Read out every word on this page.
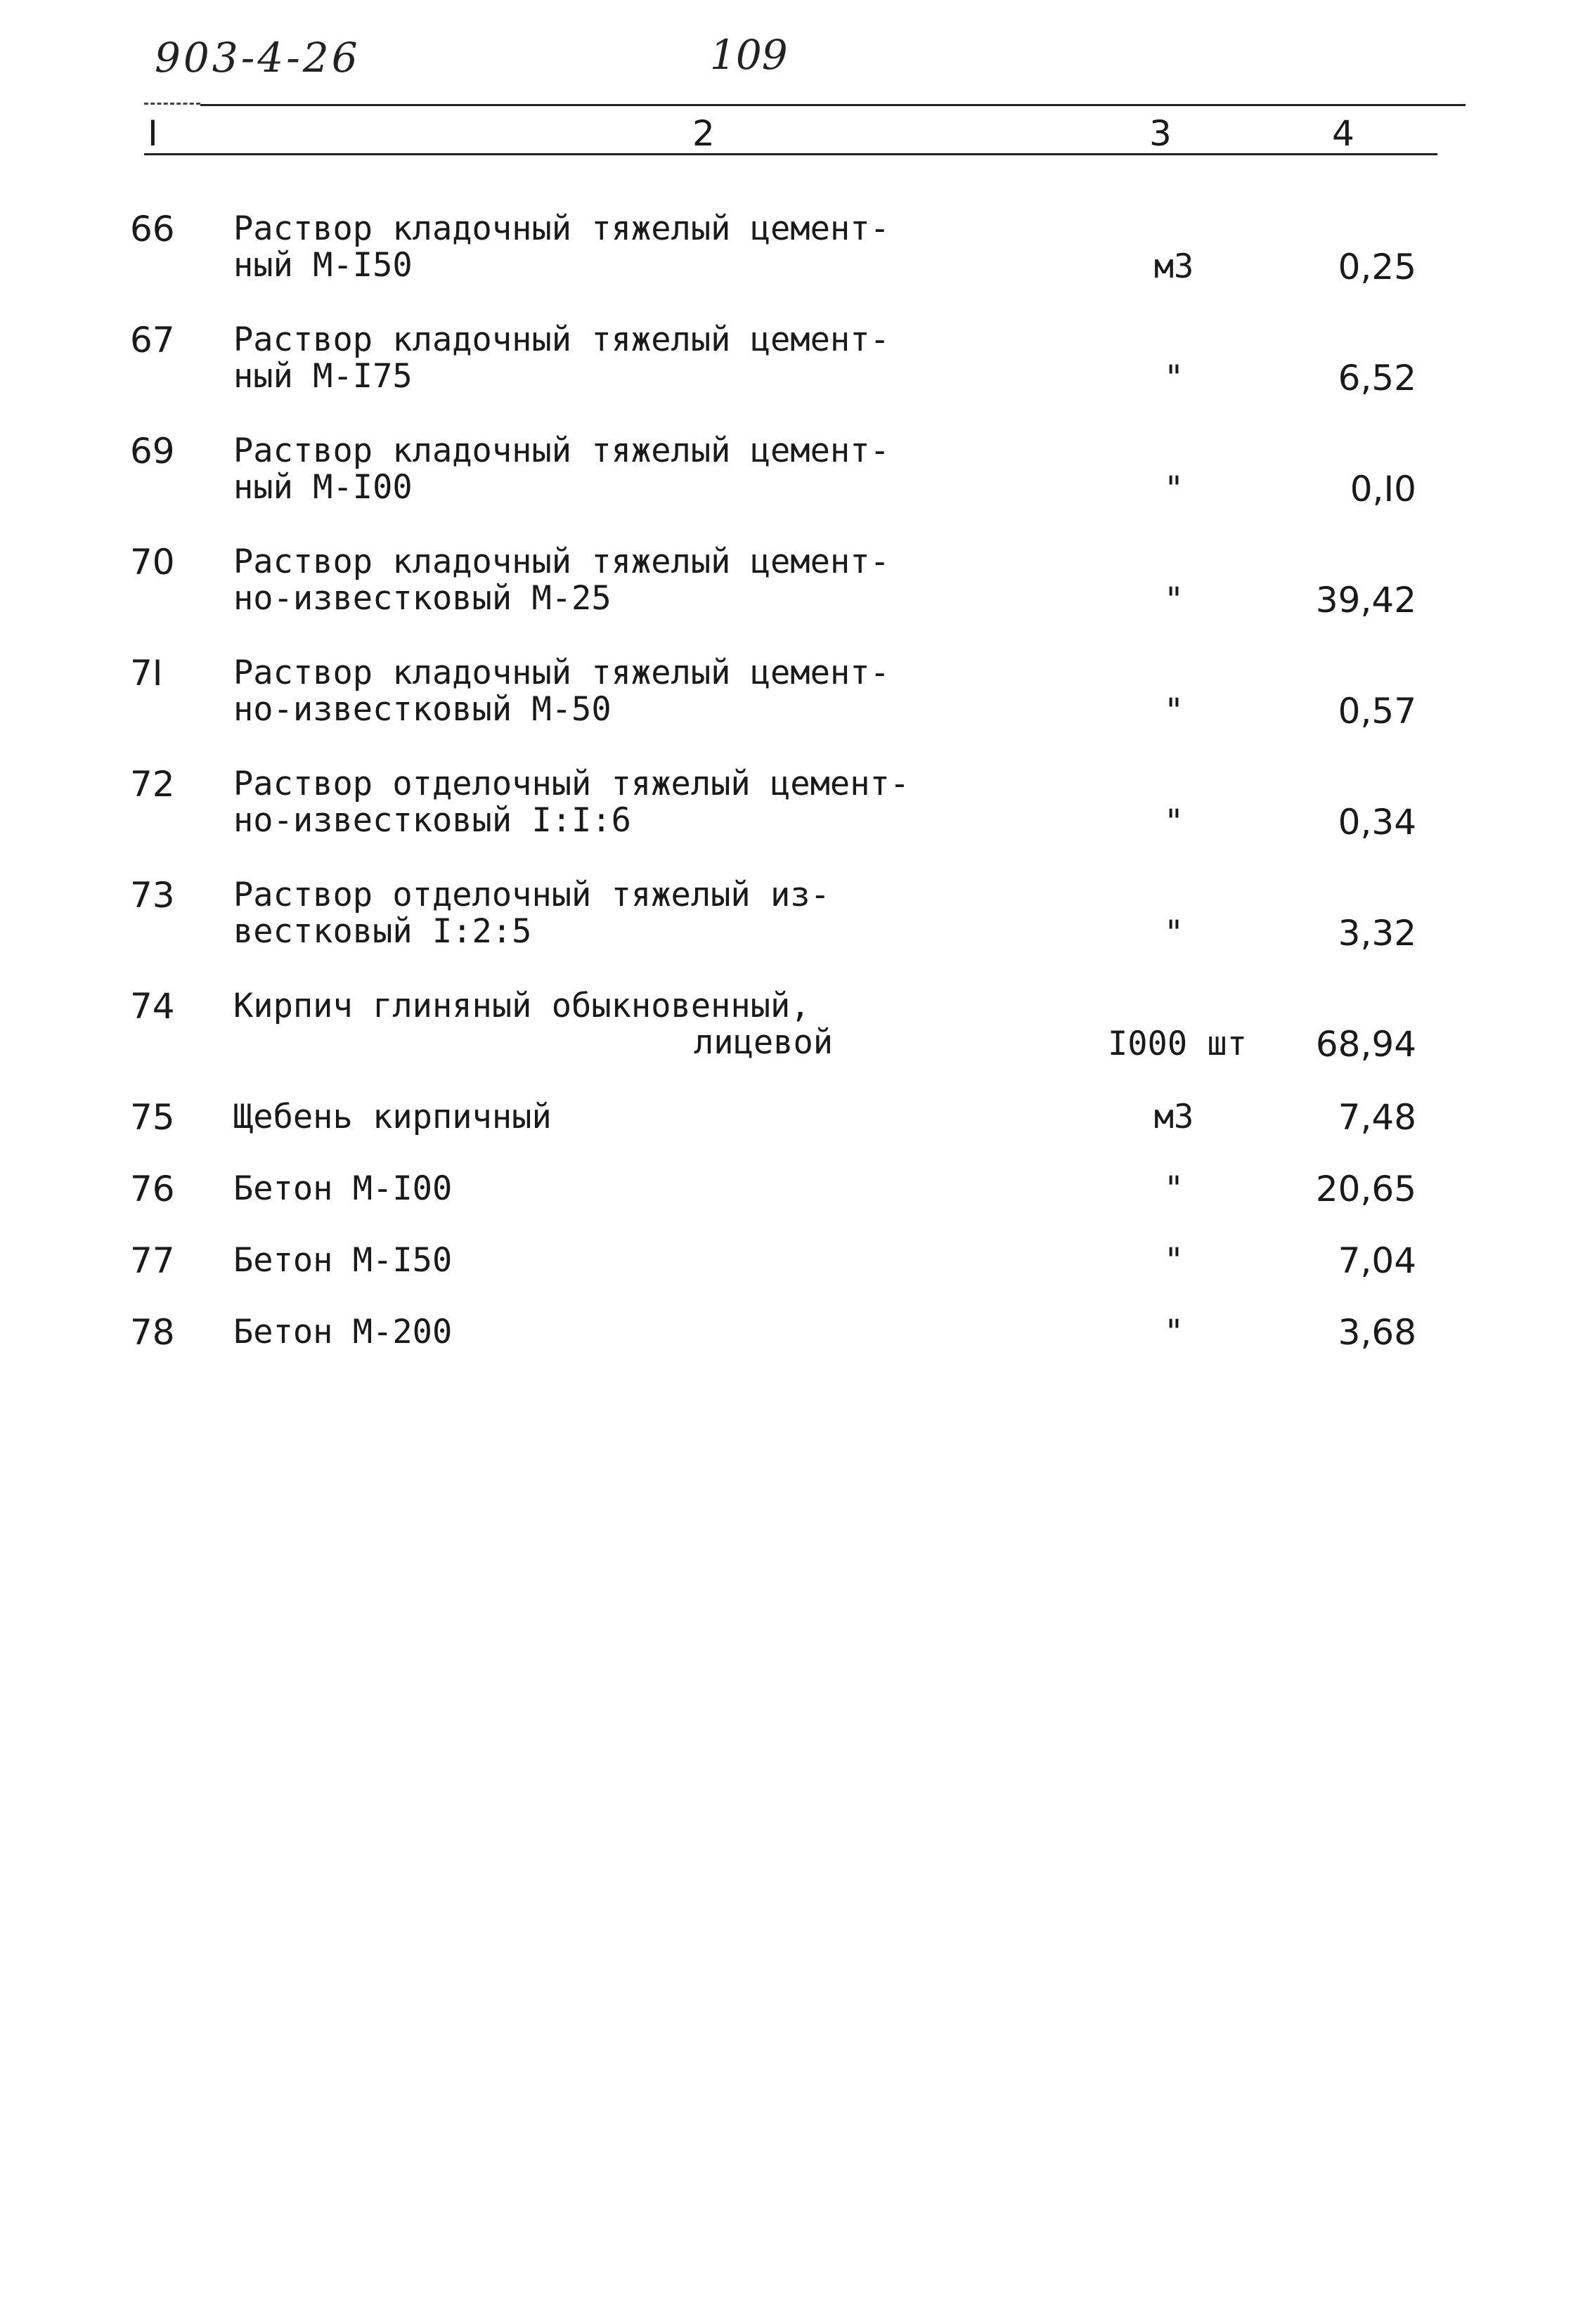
903-4-26	109
I	2	3	4
66 Раствор кладочный тяжелый цемент-
ный М-I50	м3	0,25
67 Раствор кладочный тяжелый цемент-
ный М-I75	"	6,52
69 Раствор кладочный тяжелый цемент-
ный М-I00	"	0,I0
70 Раствор кладочный тяжелый цемент-
но-известковый М-25	"	39,42
7I Раствор кладочный тяжелый цемент-
но-известковый М-50	"	0,57
72 Раствор отделочный тяжелый цемент-
но-известковый I:I:6	"	0,34
73 Раствор отделочный тяжелый из-
вестковый I:2:5	"	3,32
74 Кирпич глиняный обыкновенный,
лицевой	I000 шт	68,94
75 Щебень кирпичный	м3	7,48
76 Бетон М-I00	"	20,65
77 Бетон М-I50	"	7,04
78 Бетон М-200	"	3,68
